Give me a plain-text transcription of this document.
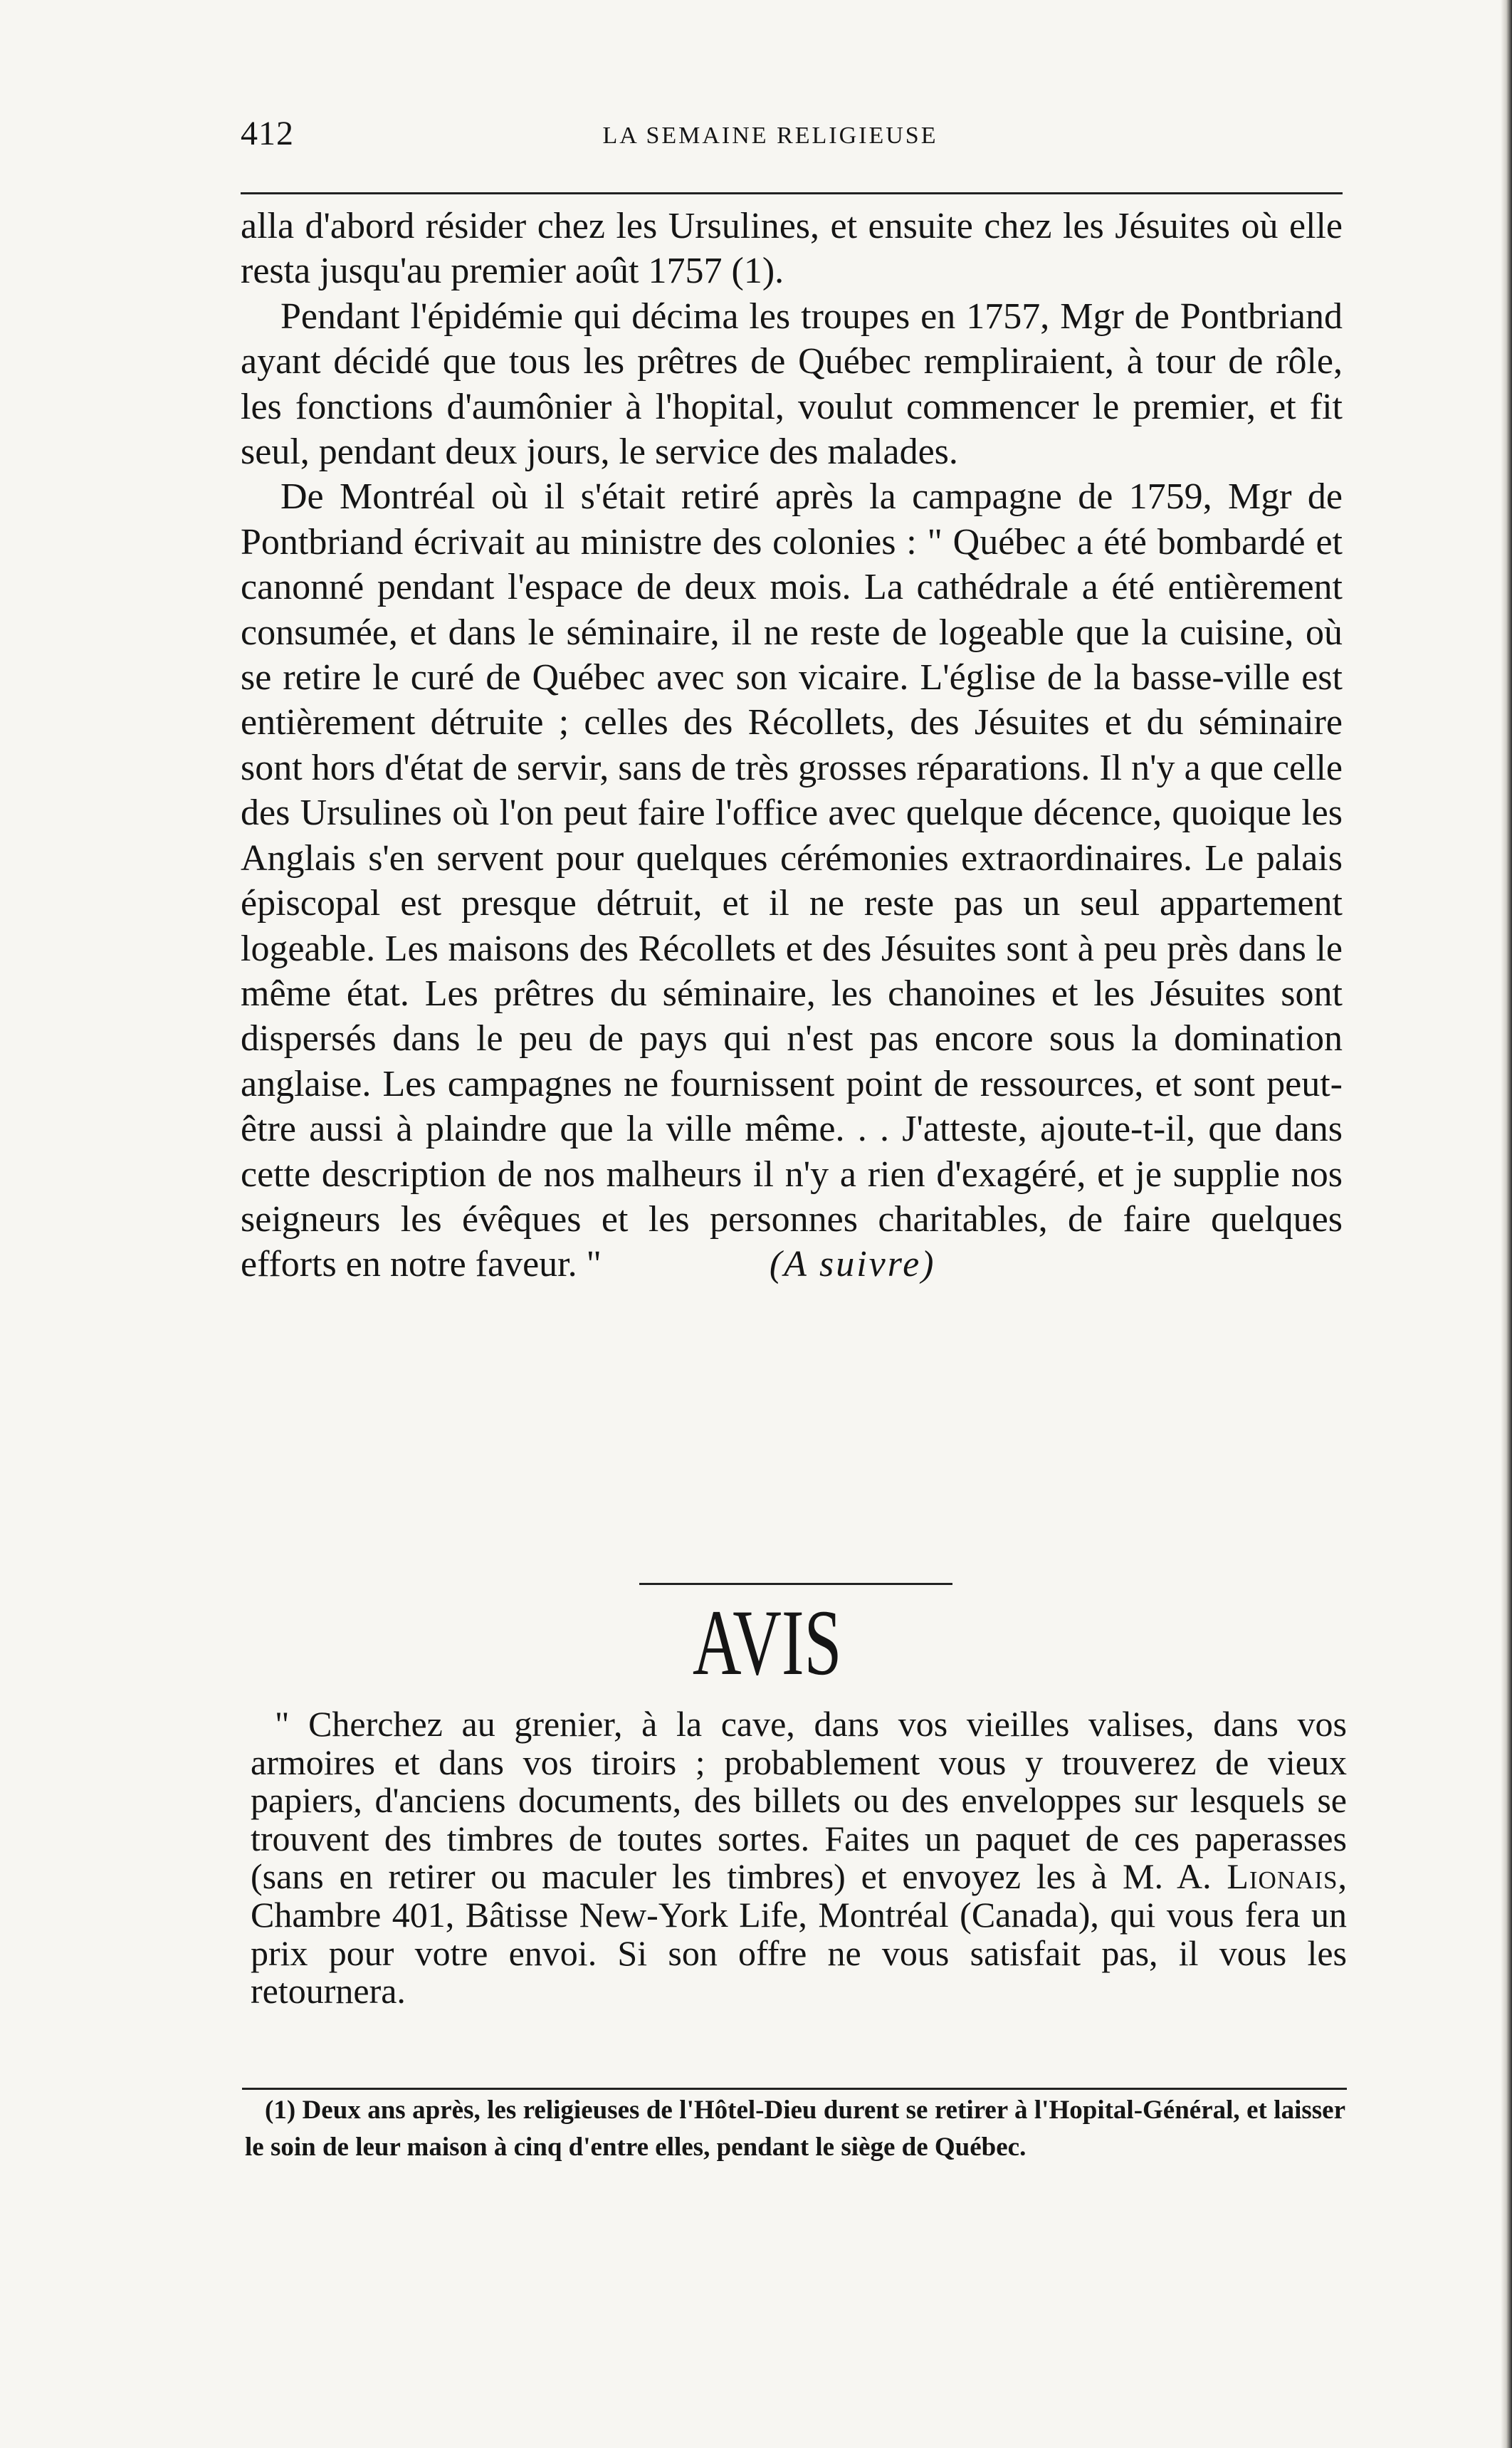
412	LA SEMAINE RELIGIEUSE

alla d'abord résider chez les Ursulines, et ensuite chez les Jésuites où elle resta jusqu'au premier août 1757 (1).

Pendant l'épidémie qui décima les troupes en 1757, Mgr de Pontbriand ayant décidé que tous les prêtres de Québec rempliraient, à tour de rôle, les fonctions d'aumônier à l'hopital, voulut commencer le premier, et fit seul, pendant deux jours, le service des malades.

De Montréal où il s'était retiré après la campagne de 1759, Mgr de Pontbriand écrivait au ministre des colonies : " Québec a été bombardé et canonné pendant l'espace de deux mois. La cathédrale a été entièrement consumée, et dans le séminaire, il ne reste de logeable que la cuisine, où se retire le curé de Québec avec son vicaire. L'église de la basse-ville est entièrement détruite ; celles des Récollets, des Jésuites et du séminaire sont hors d'état de servir, sans de très grosses réparations. Il n'y a que celle des Ursulines où l'on peut faire l'office avec quelque décence, quoique les Anglais s'en servent pour quelques cérémonies extraordinaires. Le palais épiscopal est presque détruit, et il ne reste pas un seul appartement logeable. Les maisons des Récollets et des Jésuites sont à peu près dans le même état. Les prêtres du séminaire, les chanoines et les Jésuites sont dispersés dans le peu de pays qui n'est pas encore sous la domination anglaise. Les campagnes ne fournissent point de ressources, et sont peut-être aussi à plaindre que la ville même. . . J'atteste, ajoute-t-il, que dans cette description de nos malheurs il n'y a rien d'exagéré, et je supplie nos seigneurs les évêques et les personnes charitables, de faire quelques efforts en notre faveur. "	(A suivre)

AVIS

" Cherchez au grenier, à la cave, dans vos vieilles valises, dans vos armoires et dans vos tiroirs ; probablement vous y trouverez de vieux papiers, d'anciens documents, des billets ou des enveloppes sur lesquels se trouvent des timbres de toutes sortes. Faites un paquet de ces paperasses (sans en retirer ou maculer les timbres) et envoyez les à M. A. Lionais, Chambre 401, Bâtisse New-York Life, Montréal (Canada), qui vous fera un prix pour votre envoi. Si son offre ne vous satisfait pas, il vous les retournera.

(1) Deux ans après, les religieuses de l'Hôtel-Dieu durent se retirer à l'Hopital-Général, et laisser le soin de leur maison à cinq d'entre elles, pendant le siège de Québec.
